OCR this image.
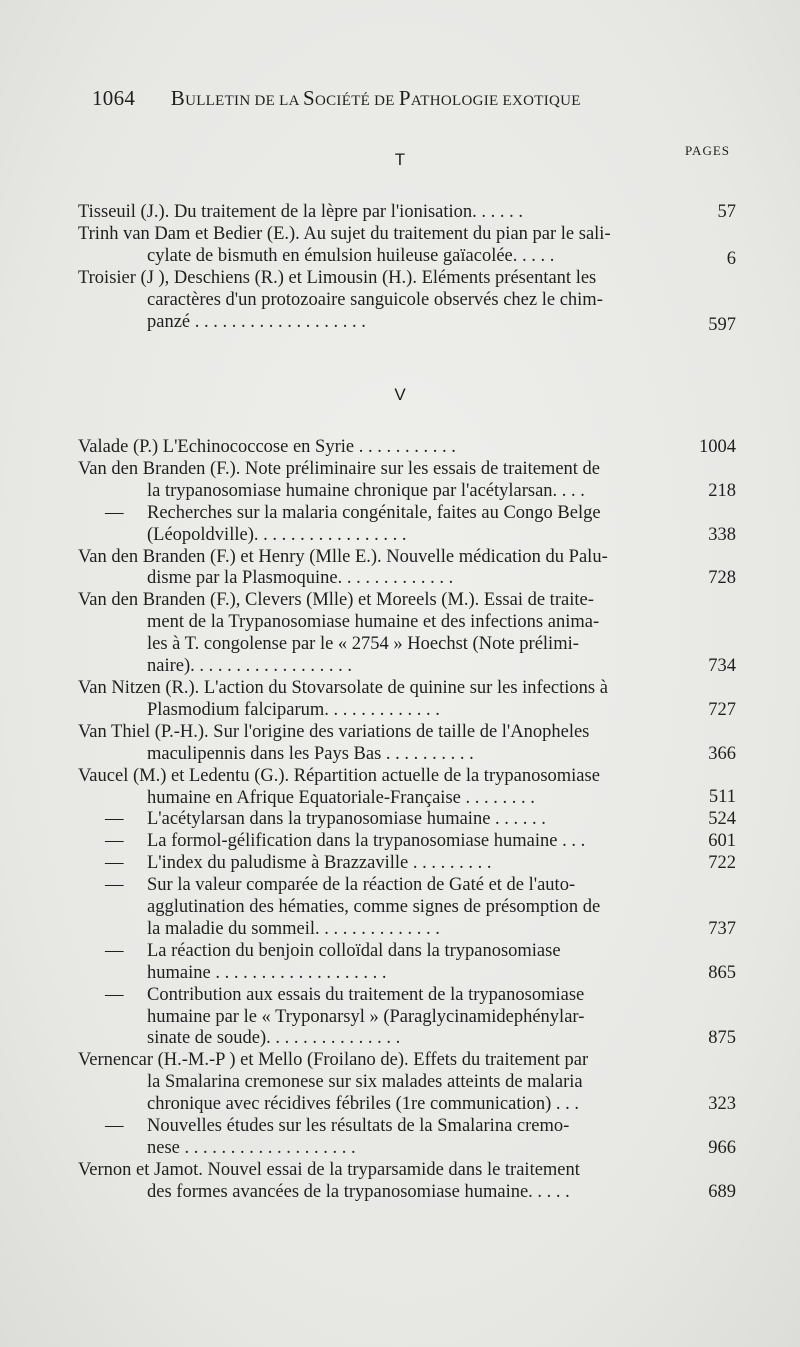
1064 BULLETIN DE LA SOCIÉTÉ DE PATHOLOGIE EXOTIQUE
PAGES
T
Tisseuil (J.). Du traitement de la lèpre par l'ionisation. . . . . .	57
Trinh van Dam et Bedier (E.). Au sujet du traitement du pian par le sali-
cylate de bismuth en émulsion huileuse gaïacolée. . . . .	6
Troisier (J ), Deschiens (R.) et Limousin (H.). Eléments présentant les
caractères d'un protozoaire sanguicole observés chez le chim-
panzé . . . . . . . . . . . . . . . . . . .	597
V
Valade (P.) L'Echinococcose en Syrie . . . . . . . . . . .	1004
Van den Branden (F.). Note préliminaire sur les essais de traitement de
la trypanosomiase humaine chronique par l'acétylarsan. . . .	218
—	Recherches sur la malaria congénitale, faites au Congo Belge
(Léopoldville). . . . . . . . . . . . . . . . .	338
Van den Branden (F.) et Henry (Mlle E.). Nouvelle médication du Palu-
disme par la Plasmoquine. . . . . . . . . . . . .	728
Van den Branden (F.), Clevers (Mlle) et Moreels (M.). Essai de traite-
ment de la Trypanosomiase humaine et des infections anima-
les à T. congolense par le « 2754 » Hoechst (Note prélimi-
naire). . . . . . . . . . . . . . . . . .	734
Van Nitzen (R.). L'action du Stovarsolate de quinine sur les infections à
Plasmodium falciparum. . . . . . . . . . . . .	727
Van Thiel (P.-H.). Sur l'origine des variations de taille de l'Anopheles
maculipennis dans les Pays Bas . . . . . . . . . .	366
Vaucel (M.) et Ledentu (G.). Répartition actuelle de la trypanosomiase
humaine en Afrique Equatoriale-Française . . . . . . . .	511
—	L'acétylarsan dans la trypanosomiase humaine . . . . . .	524
—	La formol-gélification dans la trypanosomiase humaine . . .	601
—	L'index du paludisme à Brazzaville . . . . . . . . .	722
—	Sur la valeur comparée de la réaction de Gaté et de l'auto-
agglutination des hématies, comme signes de présomption de
la maladie du sommeil. . . . . . . . . . . . . .	737
—	La réaction du benjoin colloïdal dans la trypanosomiase
humaine . . . . . . . . . . . . . . . . . . .	865
—	Contribution aux essais du traitement de la trypanosomiase
humaine par le « Tryponarsyl » (Paraglycinamidephénylar-
sinate de soude). . . . . . . . . . . . . . .	875
Vernencar (H.-M.-P ) et Mello (Froilano de). Effets du traitement par
la Smalarina cremonese sur six malades atteints de malaria
chronique avec récidives fébriles (1re communication) . . .	323
—	Nouvelles études sur les résultats de la Smalarina cremo-
nese . . . . . . . . . . . . . . . . . . .	966
Vernon et Jamot. Nouvel essai de la tryparsamide dans le traitement
des formes avancées de la trypanosomiase humaine. . . . .	689
